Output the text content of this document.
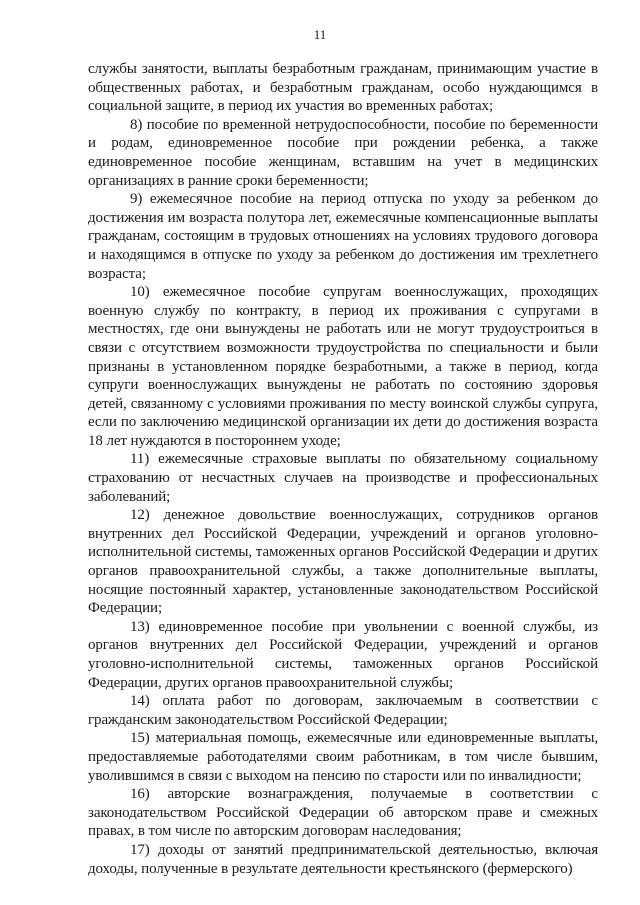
11

службы занятости, выплаты безработным гражданам, принимающим участие в общественных работах, и безработным гражданам, особо нуждающимся в социальной защите, в период их участия во временных работах;

8) пособие по временной нетрудоспособности, пособие по беременности и родам, единовременное пособие при рождении ребенка, а также единовременное пособие женщинам, вставшим на учет в медицинских организациях в ранние сроки беременности;

9) ежемесячное пособие на период отпуска по уходу за ребенком до достижения им возраста полутора лет, ежемесячные компенсационные выплаты гражданам, состоящим в трудовых отношениях на условиях трудового договора и находящимся в отпуске по уходу за ребенком до достижения им трехлетнего возраста;

10) ежемесячное пособие супругам военнослужащих, проходящих военную службу по контракту, в период их проживания с супругами в местностях, где они вынуждены не работать или не могут трудоустроиться в связи с отсутствием возможности трудоустройства по специальности и были признаны в установленном порядке безработными, а также в период, когда супруги военнослужащих вынуждены не работать по состоянию здоровья детей, связанному с условиями проживания по месту воинской службы супруга, если по заключению медицинской организации их дети до достижения возраста 18 лет нуждаются в постороннем уходе;

11) ежемесячные страховые выплаты по обязательному социальному страхованию от несчастных случаев на производстве и профессиональных заболеваний;

12) денежное довольствие военнослужащих, сотрудников органов внутренних дел Российской Федерации, учреждений и органов уголовно-исполнительной системы, таможенных органов Российской Федерации и других органов правоохранительной службы, а также дополнительные выплаты, носящие постоянный характер, установленные законодательством Российской Федерации;

13) единовременное пособие при увольнении с военной службы, из органов внутренних дел Российской Федерации, учреждений и органов уголовно-исполнительной системы, таможенных органов Российской Федерации, других органов правоохранительной службы;

14) оплата работ по договорам, заключаемым в соответствии с гражданским законодательством Российской Федерации;

15) материальная помощь, ежемесячные или единовременные выплаты, предоставляемые работодателями своим работникам, в том числе бывшим, уволившимся в связи с выходом на пенсию по старости или по инвалидности;

16) авторские вознаграждения, получаемые в соответствии с законодательством Российской Федерации об авторском праве и смежных правах, в том числе по авторским договорам наследования;

17) доходы от занятий предпринимательской деятельностью, включая доходы, полученные в результате деятельности крестьянского (фермерского)
